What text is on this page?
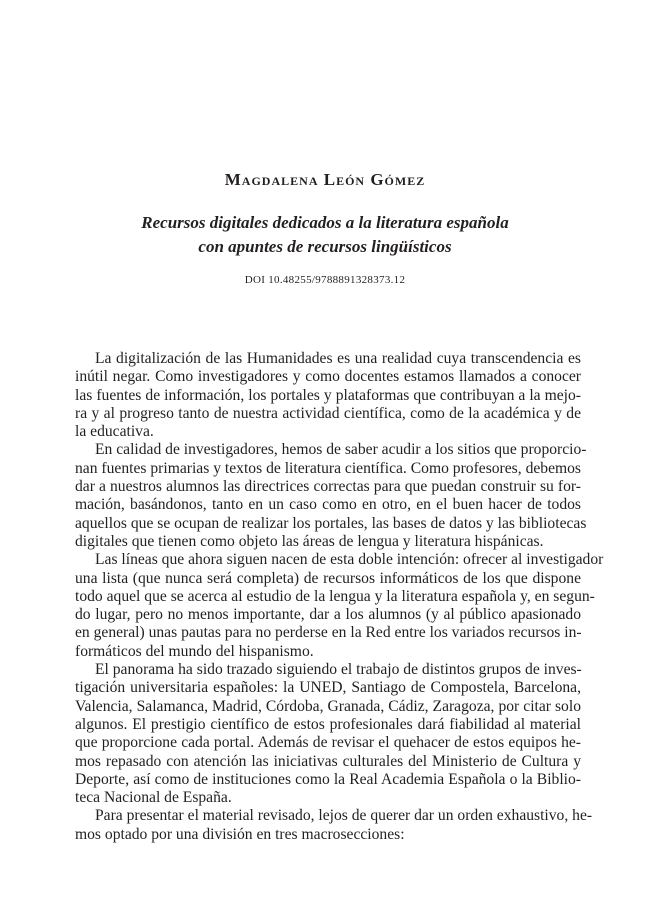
Magdalena León Gómez
Recursos digitales dedicados a la literatura española
con apuntes de recursos lingüísticos

DOI 10.48255/9788891328373.12

La digitalización de las Humanidades es una realidad cuya transcendencia es
inútil negar. Como investigadores y como docentes estamos llamados a conocer
las fuentes de información, los portales y plataformas que contribuyan a la mejo-
ra y al progreso tanto de nuestra actividad científica, como de la académica y de
la educativa.

En calidad de investigadores, hemos de saber acudir a los sitios que proporcio-
nan fuentes primarias y textos de literatura científica. Como profesores, debemos
dar a nuestros alumnos las directrices correctas para que puedan construir su for-
mación, basándonos, tanto en un caso como en otro, en el buen hacer de todos
aquellos que se ocupan de realizar los portales, las bases de datos y las bibliotecas
digitales que tienen como objeto las áreas de lengua y literatura hispánicas.

Las líneas que ahora siguen nacen de esta doble intención: ofrecer al investigador
una lista (que nunca será completa) de recursos informáticos de los que dispone
todo aquel que se acerca al estudio de la lengua y la literatura española y, en segun-
do lugar, pero no menos importante, dar a los alumnos (y al público apasionado
en general) unas pautas para no perderse en la Red entre los variados recursos in-
formáticos del mundo del hispanismo.

El panorama ha sido trazado siguiendo el trabajo de distintos grupos de inves-
tigación universitaria españoles: la UNED, Santiago de Compostela, Barcelona,
Valencia, Salamanca, Madrid, Córdoba, Granada, Cádiz, Zaragoza, por citar solo
algunos. El prestigio científico de estos profesionales dará fiabilidad al material
que proporcione cada portal. Además de revisar el quehacer de estos equipos he-
mos repasado con atención las iniciativas culturales del Ministerio de Cultura y
Deporte, así como de instituciones como la Real Academia Española o la Biblio-
teca Nacional de España.

Para presentar el material revisado, lejos de querer dar un orden exhaustivo, he-
mos optado por una división en tres macrosecciones:
